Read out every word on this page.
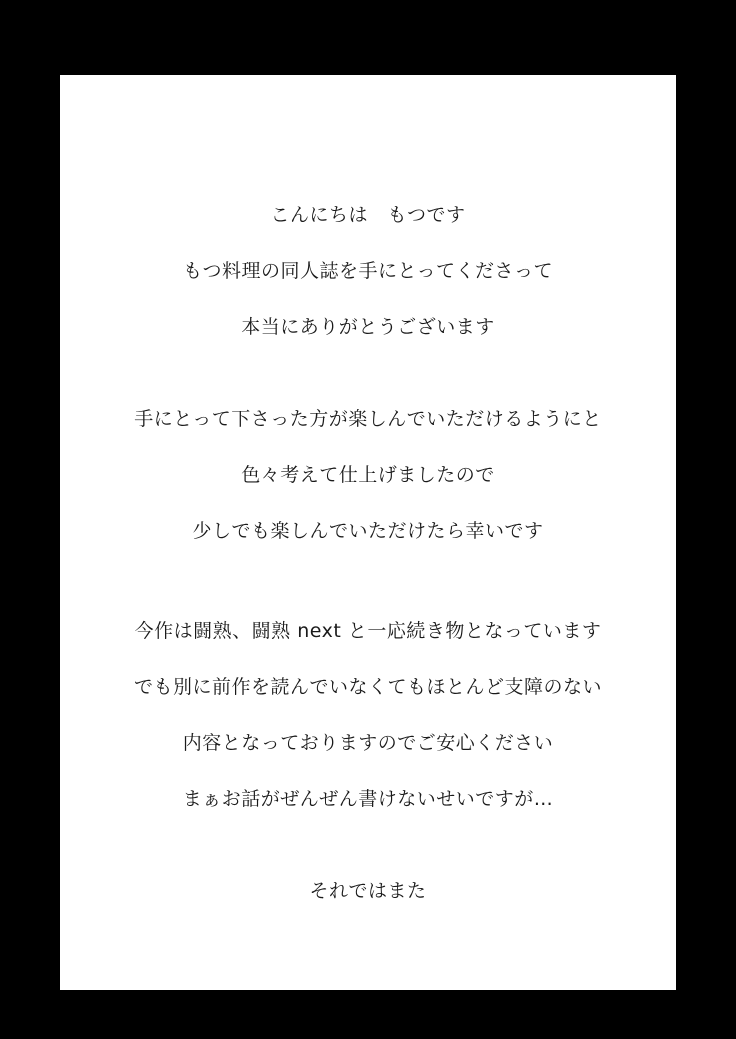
こんにちは　もつです
もつ料理の同人誌を手にとってくださって
本当にありがとうございます
手にとって下さった方が楽しんでいただけるようにと
色々考えて仕上げましたので
少しでも楽しんでいただけたら幸いです
今作は闘熟、闘熟 next と一応続き物となっています
でも別に前作を読んでいなくてもほとんど支障のない
内容となっておりますのでご安心ください
まぁお話がぜんぜん書けないせいですが…
それではまた
